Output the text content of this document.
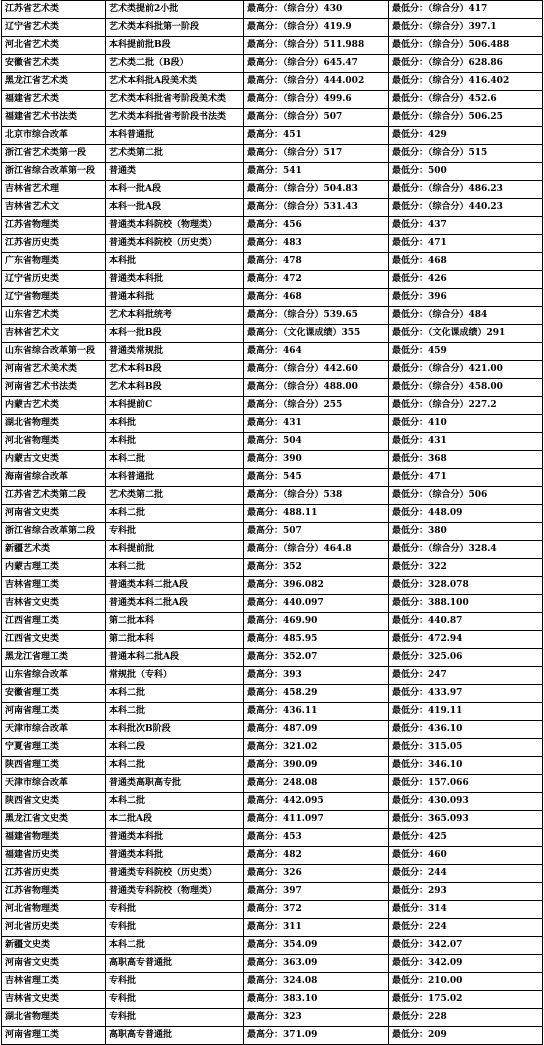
江苏省艺术类	艺术类提前2小批	最高分：（综合分）430	最低分：（综合分）417
辽宁省艺术类	艺术类本科批第一阶段	最高分：（综合分）419.9	最低分：（综合分）397.1
河北省艺术类	本科提前批B段	最高分：（综合分）511.988	最低分：（综合分）506.488
安徽省艺术类	艺术类二批（B段）	最高分：（综合分）645.47	最低分：（综合分）628.86
黑龙江省艺术类	艺术本科批A段美术类	最高分：（综合分）444.002	最低分：（综合分）416.402
福建省艺术类	艺术类本科批省考阶段美术类	最高分：（综合分）499.6	最低分：（综合分）452.6
福建省艺术书法类	艺术类本科批省考阶段书法类	最高分：（综合分）507	最低分：（综合分）506.25
北京市综合改革	本科普通批	最高分：451	最低分：429
浙江省艺术类第一段	艺术类第二批	最高分：（综合分）517	最低分：（综合分）515
浙江省综合改革第一段	普通类	最高分：541	最低分：500
吉林省艺术理	本科一批A段	最高分：（综合分）504.83	最低分：（综合分）486.23
吉林省艺术文	本科一批A段	最高分：（综合分）531.43	最低分：（综合分）440.23
江苏省物理类	普通类本科院校（物理类）	最高分：456	最低分：437
江苏省历史类	普通类本科院校（历史类）	最高分：483	最低分：471
广东省物理类	本科批	最高分：478	最低分：468
辽宁省历史类	普通类本科批	最高分：472	最低分：426
辽宁省物理类	普通本科批	最高分：468	最低分：396
山东省艺术类	艺术本科批统考	最高分：（综合分）539.65	最低分：（综合分）484
吉林省艺术文	本科一批B段	最高分：（文化课成绩）355	最低分：（文化课成绩）291
山东省综合改革第一段	普通类常规批	最高分：464	最低分：459
河南省艺术美术类	艺术本科B段	最高分：（综合分）442.60	最低分：（综合分）421.00
河南省艺术书法类	艺术本科B段	最高分：（综合分）488.00	最低分：（综合分）458.00
内蒙古艺术类	本科提前C	最高分：（综合分）255	最低分：（综合分）227.2
湖北省物理类	本科批	最高分：431	最低分：410
河北省物理类	本科批	最高分：504	最低分：431
内蒙古文史类	本科二批	最高分：390	最低分：368
海南省综合改革	本科普通批	最高分：545	最低分：471
江苏省艺术类第二段	艺术类第二批	最高分：（综合分）538	最低分：（综合分）506
河南省文史类	本科二批	最高分：488.11	最低分：448.09
浙江省综合改革第二段	专科批	最高分：507	最低分：380
新疆艺术类	本科提前批	最高分：（综合分）464.8	最低分：（综合分）328.4
内蒙古理工类	本科二批	最高分：352	最低分：322
吉林省理工类	普通类本科二批A段	最高分：396.082	最低分：328.078
吉林省文史类	普通类本科二批A段	最高分：440.097	最低分：388.100
江西省理工类	第二批本科	最高分：469.90	最低分：440.87
江西省文史类	第二批本科	最高分：485.95	最低分：472.94
黑龙江省理工类	普通本科二批A段	最高分：352.07	最低分：325.06
山东省综合改革	常规批（专科）	最高分：393	最低分：247
安徽省理工类	本科二批	最高分：458.29	最低分：433.97
河南省理工类	本科二批	最高分：436.11	最低分：419.11
天津市综合改革	本科批次B阶段	最高分：487.09	最低分：436.10
宁夏省理工类	本科二段	最高分：321.02	最低分：315.05
陕西省理工类	本科二批	最高分：390.09	最低分：346.10
天津市综合改革	普通类高职高专批	最高分：248.08	最低分：157.066
陕西省文史类	本科二批	最高分：442.095	最低分：430.093
黑龙江省文史类	本二批A段	最高分：411.097	最低分：365.093
福建省物理类	普通类本科批	最高分：453	最低分：425
福建省历史类	普通类本科批	最高分：482	最低分：460
江苏省历史类	普通类专科院校（历史类）	最高分：326	最低分：244
江苏省物理类	普通类专科院校（物理类）	最高分：397	最低分：293
河北省物理类	专科批	最高分：372	最低分：314
河北省历史类	专科批	最高分：311	最低分：224
新疆文史类	本科二批	最高分：354.09	最低分：342.07
河南省文史类	高职高专普通批	最高分：363.09	最低分：342.09
吉林省理工类	专科批	最高分：324.08	最低分：210.00
吉林省文史类	专科批	最高分：383.10	最低分：175.02
湖北省物理类	专科批	最高分：323	最低分：228
河南省理工类	高职高专普通批	最高分：371.09	最低分：209
